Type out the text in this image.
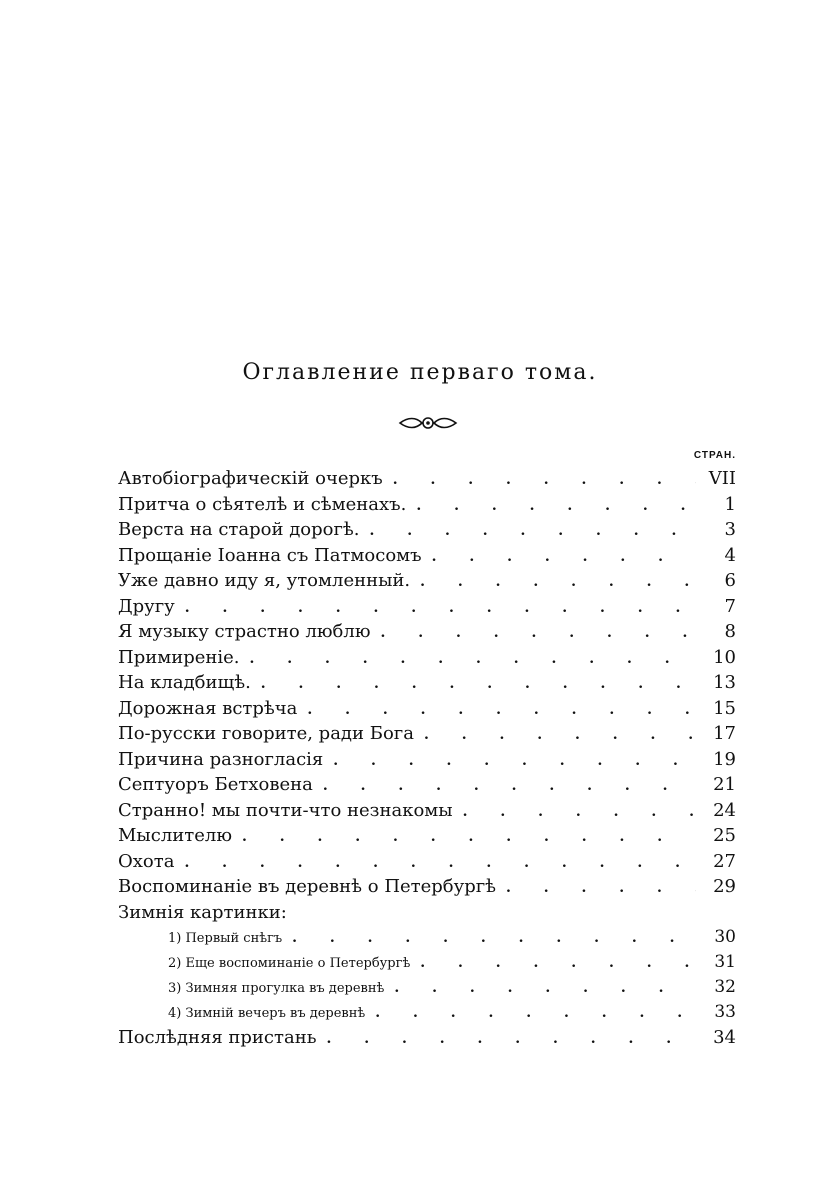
Оглавление перваго тома.
СТРАН.
Автобіографическій очеркъ . . .	VII
Притча о сѣятелѣ и сѣменахъ. . . .	1
Верста на старой дорогѣ. . . .	3
Прощаніе Іоанна съ Патмосомъ . . .	4
Уже давно иду я, утомленный. . . .	6
Другу . . .	7
Я музыку страстно люблю . . .	8
Примиреніе. . . .	10
На кладбищѣ. . . .	13
Дорожная встрѣча . . .	15
По-русски говорите, ради Бога . . .	17
Причина разногласія . . .	19
Септуоръ Бетховена . . .	21
Странно! мы почти-что незнакомы . . .	24
Мыслителю . . .	25
Охота . . .	27
Воспоминаніе въ деревнѣ о Петербургѣ . . .	29
Зимнія картинки:
1) Первый снѣгъ . . .	30
2) Еще воспоминаніе о Петербургѣ . . .	31
3) Зимняя прогулка въ деревнѣ . . .	32
4) Зимній вечеръ въ деревнѣ . . .	33
Послѣдняя пристань . . .	34
